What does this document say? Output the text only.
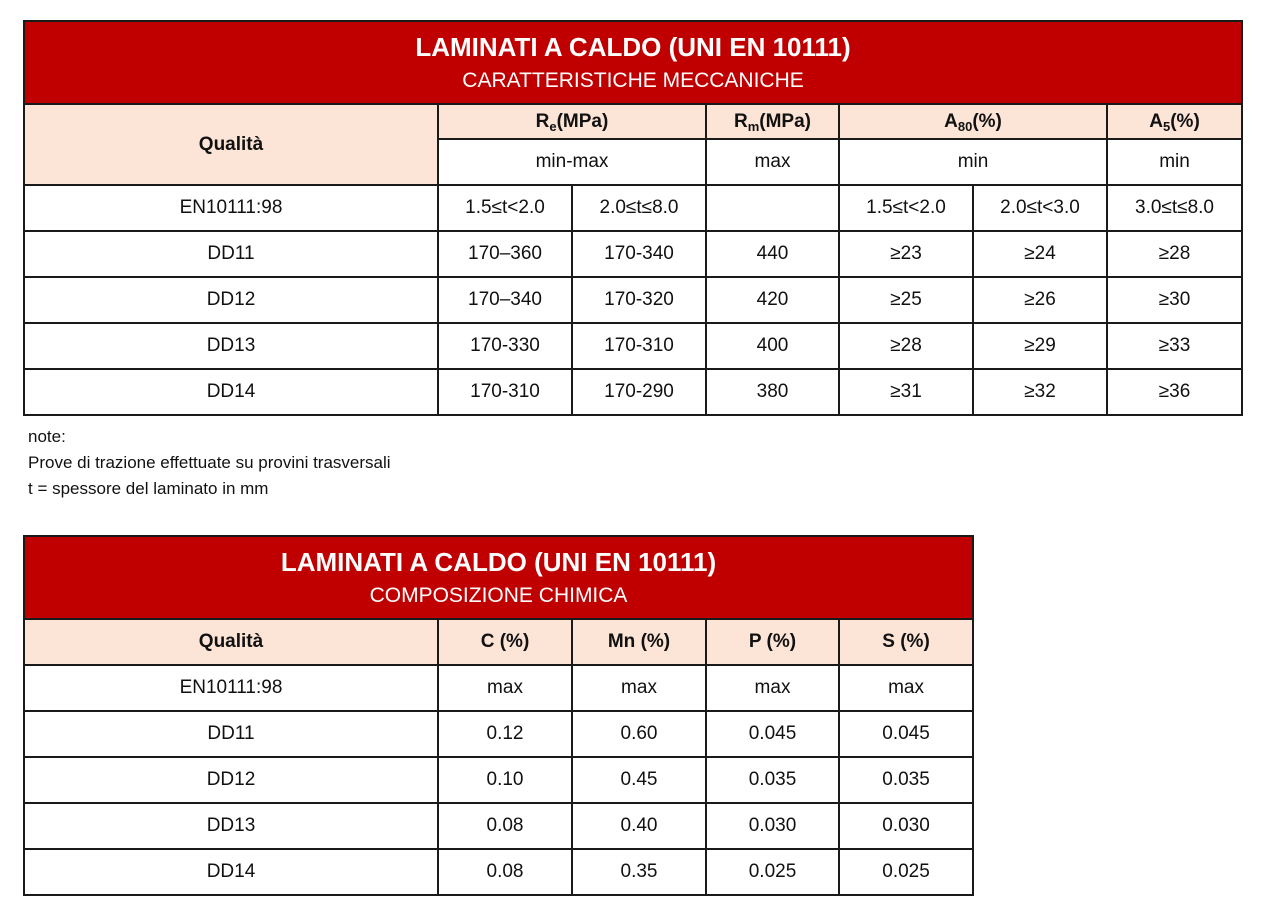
LAMINATI A CALDO (UNI EN 10111)
CARATTERISTICHE MECCANICHE						

Qualità	$R_e(MPa)$		$R_m(MPa)$	$A_{80}(\%)$		$A_5(\%)$
	min-max		max	min		min
EN10111:98	1.5≤t<2.0	2.0≤t≤8.0		1.5≤t<2.0	2.0≤t<3.0	3.0≤t≤8.0
DD11	170–360	170-340	440	≥23	≥24	≥28
DD12	170–340	170-320	420	≥25	≥26	≥30
DD13	170-330	170-310	400	≥28	≥29	≥33
DD14	170-310	170-290	380	≥31	≥32	≥36
note:
Prove di trazione effettuate su provini trasversali
t = spessore del laminato in mm
LAMINATI A CALDO (UNI EN 10111)
COMPOSIZIONE CHIMICA				

Qualità	C (%)	Mn (%)	P (%)	S (%)
EN10111:98	max	max	max	max
DD11	0.12	0.60	0.045	0.045
DD12	0.10	0.45	0.035	0.035
DD13	0.08	0.40	0.030	0.030
DD14	0.08	0.35	0.025	0.025
